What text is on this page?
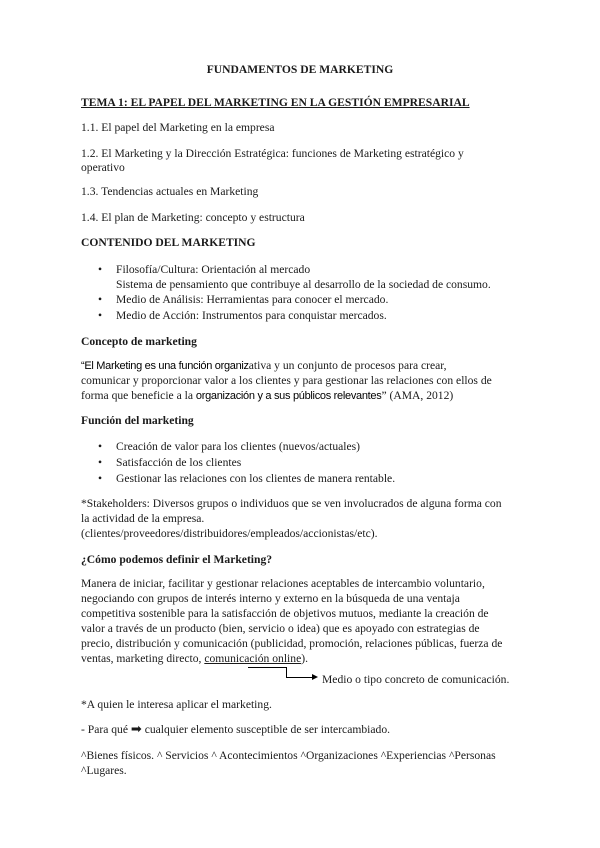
FUNDAMENTOS DE MARKETING
TEMA 1: EL PAPEL DEL MARKETING EN LA GESTIÓN EMPRESARIAL
1.1. El papel del Marketing en la empresa
1.2. El Marketing y la Dirección Estratégica: funciones de Marketing estratégico y
operativo
1.3. Tendencias actuales en Marketing
1.4. El plan de Marketing: concepto y estructura
CONTENIDO DEL MARKETING
• Filosofía/Cultura: Orientación al mercado
Sistema de pensamiento que contribuye al desarrollo de la sociedad de consumo.
• Medio de Análisis: Herramientas para conocer el mercado.
• Medio de Acción: Instrumentos para conquistar mercados.
Concepto de marketing
“El Marketing es una función organizativa y un conjunto de procesos para crear,
comunicar y proporcionar valor a los clientes y para gestionar las relaciones con ellos de
forma que beneficie a la organización y a sus públicos relevantes” (AMA, 2012)
Función del marketing
• Creación de valor para los clientes (nuevos/actuales)
• Satisfacción de los clientes
• Gestionar las relaciones con los clientes de manera rentable.
*Stakeholders: Diversos grupos o individuos que se ven involucrados de alguna forma con
la actividad de la empresa.
(clientes/proveedores/distribuidores/empleados/accionistas/etc).
¿Cómo podemos definir el Marketing?
Manera de iniciar, facilitar y gestionar relaciones aceptables de intercambio voluntario,
negociando con grupos de interés interno y externo en la búsqueda de una ventaja
competitiva sostenible para la satisfacción de objetivos mutuos, mediante la creación de
valor a través de un producto (bien, servicio o idea) que es apoyado con estrategias de
precio, distribución y comunicación (publicidad, promoción, relaciones públicas, fuerza de
ventas, marketing directo, comunicación online).
Medio o tipo concreto de comunicación.
*A quien le interesa aplicar el marketing.
- Para qué ➡ cualquier elemento susceptible de ser intercambiado.
^Bienes físicos. ^ Servicios ^ Acontecimientos ^Organizaciones ^Experiencias ^Personas
^Lugares.
